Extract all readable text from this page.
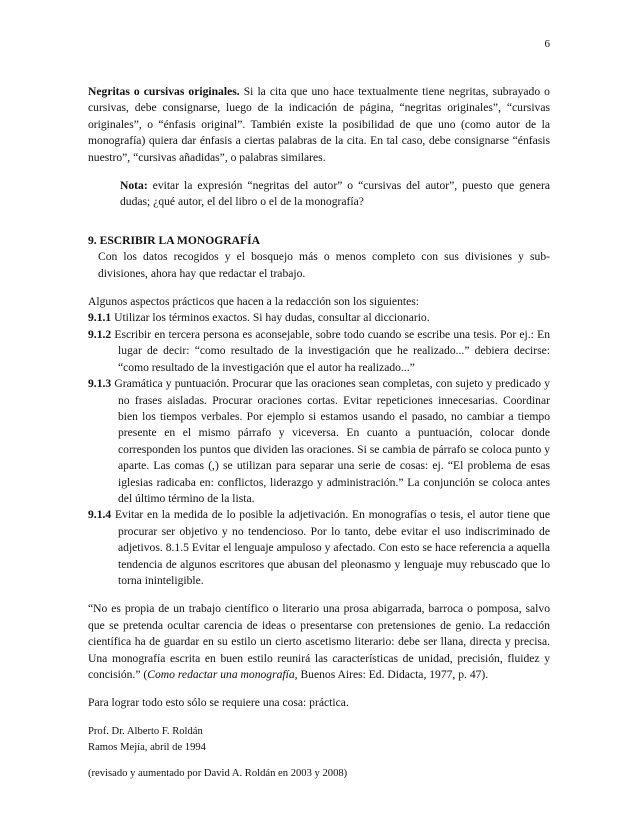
6

Negritas o cursivas originales. Si la cita que uno hace textualmente tiene negritas, subrayado o cursivas, debe consignarse, luego de la indicación de página, “negritas originales”, “cursivas originales”, o “énfasis original”. También existe la posibilidad de que uno (como autor de la monografía) quiera dar énfasis a ciertas palabras de la cita. En tal caso, debe consignarse “énfasis nuestro”, “cursivas añadidas”, o palabras similares.

Nota: evitar la expresión “negritas del autor” o “cursivas del autor”, puesto que genera dudas; ¿qué autor, el del libro o el de la monografía?

9. ESCRIBIR LA MONOGRAFÍA

Con los datos recogidos y el bosquejo más o menos completo con sus divisiones y sub-divisiones, ahora hay que redactar el trabajo.

Algunos aspectos prácticos que hacen a la redacción son los siguientes:

9.1.1 Utilizar los términos exactos. Si hay dudas, consultar al diccionario.

9.1.2 Escribir en tercera persona es aconsejable, sobre todo cuando se escribe una tesis. Por ej.: En lugar de decir: “como resultado de la investigación que he realizado...” debiera decirse: “como resultado de la investigación que el autor ha realizado...”

9.1.3 Gramática y puntuación. Procurar que las oraciones sean completas, con sujeto y predicado y no frases aisladas. Procurar oraciones cortas. Evitar repeticiones innecesarias. Coordinar bien los tiempos verbales. Por ejemplo si estamos usando el pasado, no cambiar a tiempo presente en el mismo párrafo y viceversa. En cuanto a puntuación, colocar donde corresponden los puntos que dividen las oraciones. Si se cambia de párrafo se coloca punto y aparte. Las comas (,) se utilizan para separar una serie de cosas: ej. “El problema de esas iglesias radicaba en: conflictos, liderazgo y administración.” La conjunción se coloca antes del último término de la lista.

9.1.4 Evitar en la medida de lo posible la adjetivación. En monografías o tesis, el autor tiene que procurar ser objetivo y no tendencioso. Por lo tanto, debe evitar el uso indiscriminado de adjetivos. 8.1.5 Evitar el lenguaje ampuloso y afectado. Con esto se hace referencia a aquella tendencia de algunos escritores que abusan del pleonasmo y lenguaje muy rebuscado que lo torna ininteligible.

“No es propia de un trabajo científico o literario una prosa abigarrada, barroca o pomposa, salvo que se pretenda ocultar carencia de ideas o presentarse con pretensiones de genio. La redacción científica ha de guardar en su estilo un cierto ascetismo literario: debe ser llana, directa y precisa. Una monografía escrita en buen estilo reunirá las características de unidad, precisión, fluidez y concisión.” (Como redactar una monografía, Buenos Aires: Ed. Didacta, 1977, p. 47).

Para lograr todo esto sólo se requiere una cosa: práctica.

Prof. Dr. Alberto F. Roldán

Ramos Mejía, abril de 1994

(revisado y aumentado por David A. Roldán en 2003 y 2008)
